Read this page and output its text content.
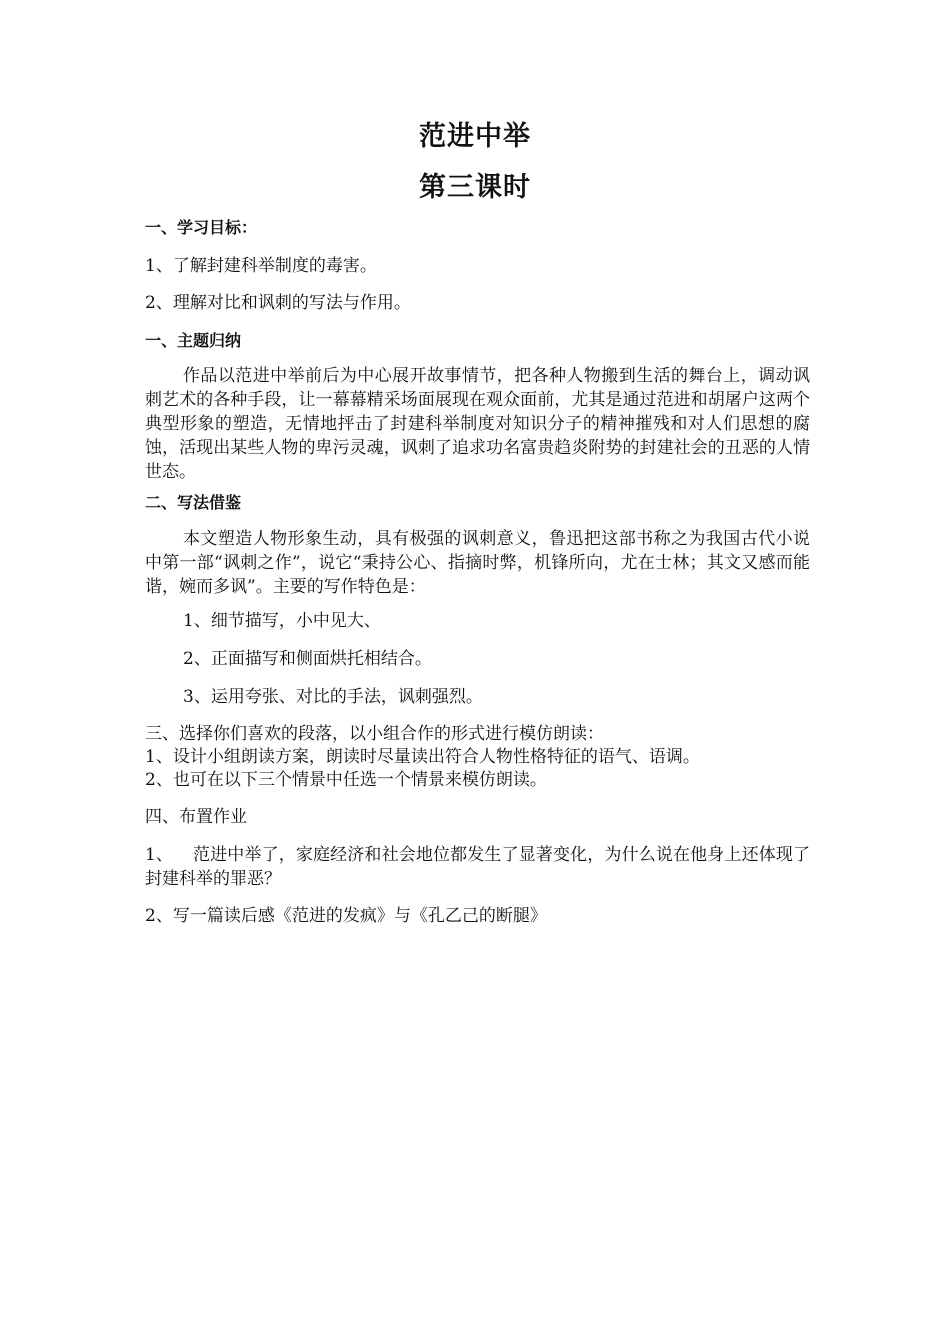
范进中举
第三课时
一、学习目标：
1、了解封建科举制度的毒害。
2、理解对比和讽刺的写法与作用。
一、主题归纳
作品以范进中举前后为中心展开故事情节，把各种人物搬到生活的舞台上，调动讽刺艺术的各种手段，让一幕幕精采场面展现在观众面前，尤其是通过范进和胡屠户这两个典型形象的塑造，无情地抨击了封建科举制度对知识分子的精神摧残和对人们思想的腐蚀，活现出某些人物的卑污灵魂，讽刺了追求功名富贵趋炎附势的封建社会的丑恶的人情世态。
二、写法借鉴
本文塑造人物形象生动，具有极强的讽刺意义，鲁迅把这部书称之为我国古代小说中第一部“讽刺之作”，说它“秉持公心、指摘时弊，机锋所向，尤在士林；其文又感而能谐，婉而多讽”。主要的写作特色是：
1、细节描写，小中见大、
2、正面描写和侧面烘托相结合。
3、运用夸张、对比的手法，讽刺强烈。
三、选择你们喜欢的段落，以小组合作的形式进行模仿朗读：
1、设计小组朗读方案，朗读时尽量读出符合人物性格特征的语气、语调。
2、也可在以下三个情景中任选一个情景来模仿朗读。
四、布置作业
1、	范进中举了，家庭经济和社会地位都发生了显著变化，为什么说在他身上还体现了封建科举的罪恶？
2、写一篇读后感《范进的发疯》与《孔乙己的断腿》
